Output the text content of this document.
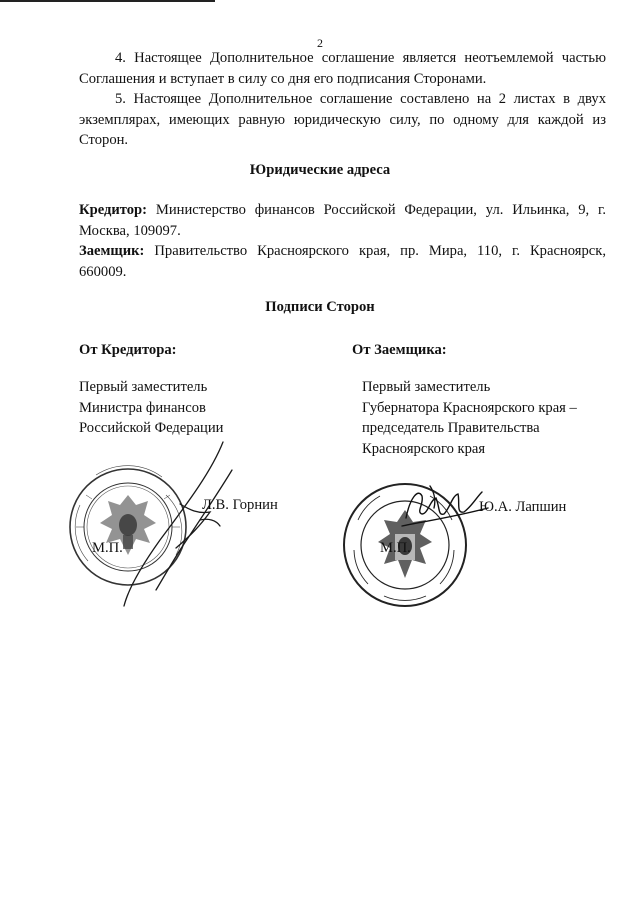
2

4. Настоящее Дополнительное соглашение является неотъемлемой частью Соглашения и вступает в силу со дня его подписания Сторонами.

5. Настоящее Дополнительное соглашение составлено на 2 листах в двух экземплярах, имеющих равную юридическую силу, по одному для каждой из Сторон.

Юридические адреса

Кредитор: Министерство финансов Российской Федерации, ул. Ильинка, 9, г. Москва, 109097.

Заемщик: Правительство Красноярского края, пр. Мира, 110, г. Красноярск, 660009.

Подписи Сторон
От Кредитора:	От Заемщика:
Первый заместитель
Министра финансов
Российской Федерации
Первый заместитель
Губернатора Красноярского края –
председатель Правительства
Красноярского края
М.П.
Л.В. Горнин
М.П.
Ю.А. Лапшин
